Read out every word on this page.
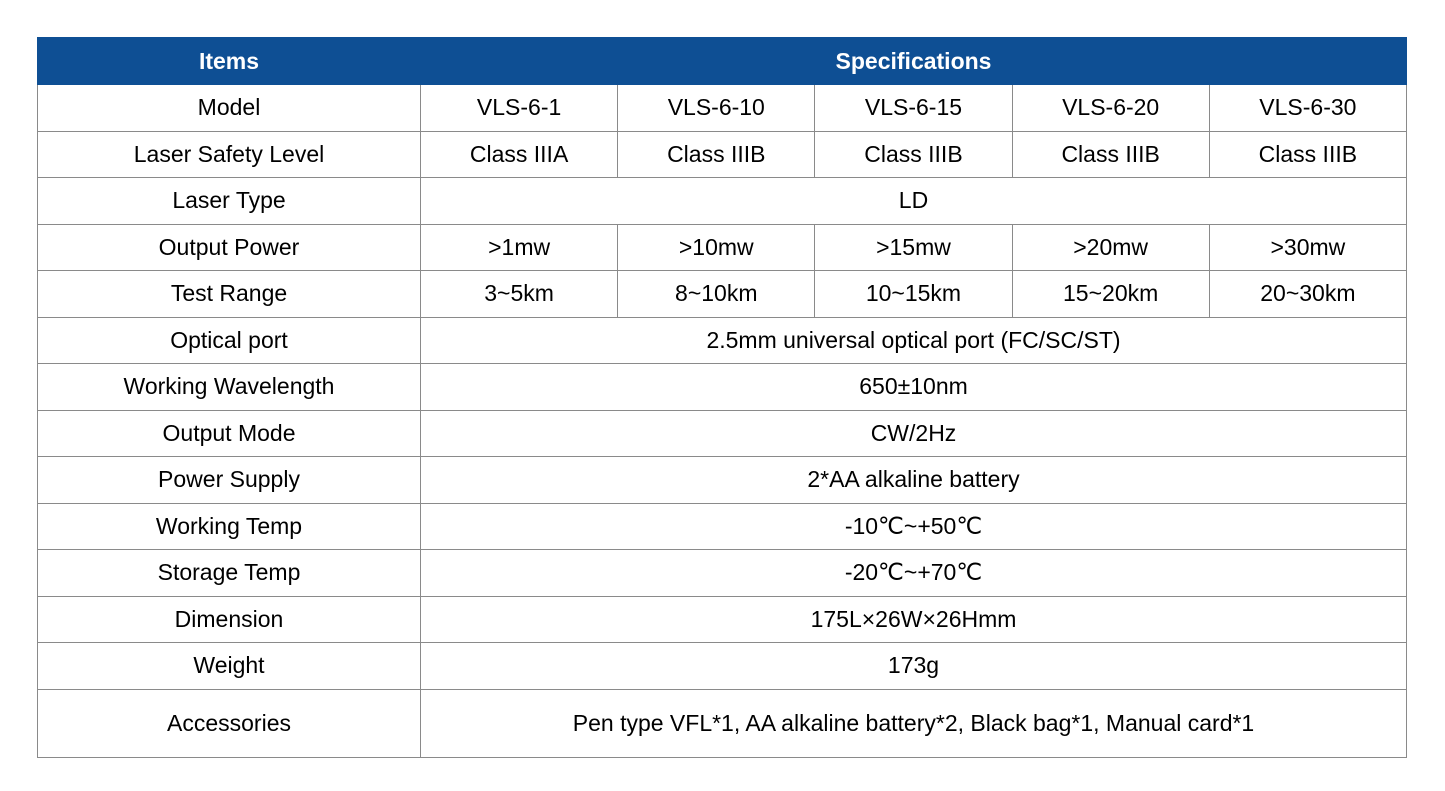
Items	Specifications				
Model	VLS-6-1	VLS-6-10	VLS-6-15	VLS-6-20	VLS-6-30
Laser Safety Level	Class IIIA	Class IIIB	Class IIIB	Class IIIB	Class IIIB
Laser Type	LD				
Output Power	>1mw	>10mw	>15mw	>20mw	>30mw
Test Range	3~5km	8~10km	10~15km	15~20km	20~30km
Optical port	2.5mm universal optical port (FC/SC/ST)				
Working Wavelength	650±10nm				
Output Mode	CW/2Hz				
Power Supply	2*AA alkaline battery				
Working Temp	-10℃~+50℃				
Storage Temp	-20℃~+70℃				
Dimension	175L×26W×26Hmm				
Weight	173g				
Accessories	Pen type VFL*1, AA alkaline battery*2, Black bag*1, Manual card*1				
